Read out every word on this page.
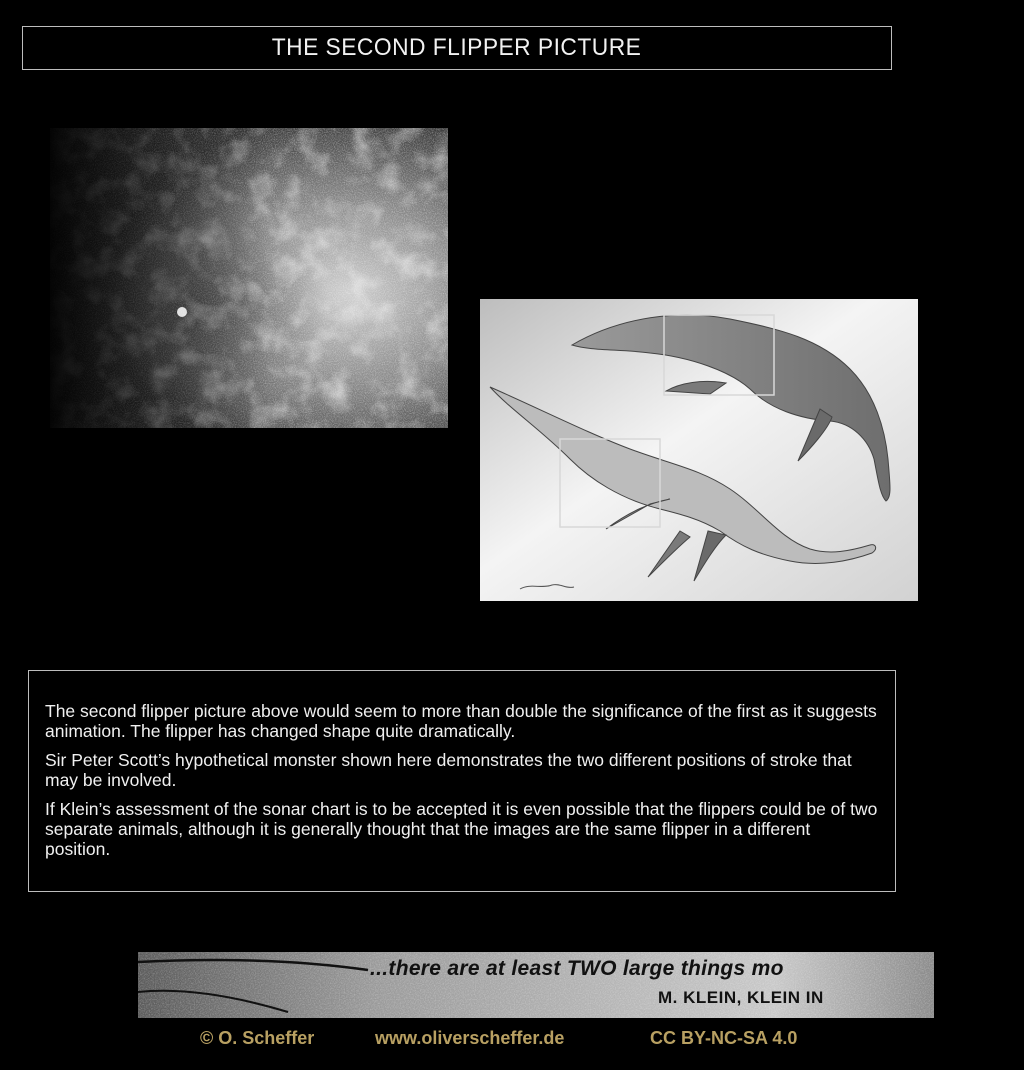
THE SECOND FLIPPER PICTURE

The second flipper picture above would seem to more than double the significance of the first as it suggests animation. The flipper has changed shape quite dramatically.

Sir Peter Scott’s hypothetical monster shown here demonstrates the two different positions of stroke that may be involved.

If Klein’s assessment of the sonar chart is to be accepted it is even possible that the flippers could be of two separate animals, although it is generally thought that the images are the same flipper in a different position.

...there are at least TWO large things mo
M. KLEIN, KLEIN IN
© O. Scheffer	www.oliverscheffer.de	CC BY-NC-SA 4.0
